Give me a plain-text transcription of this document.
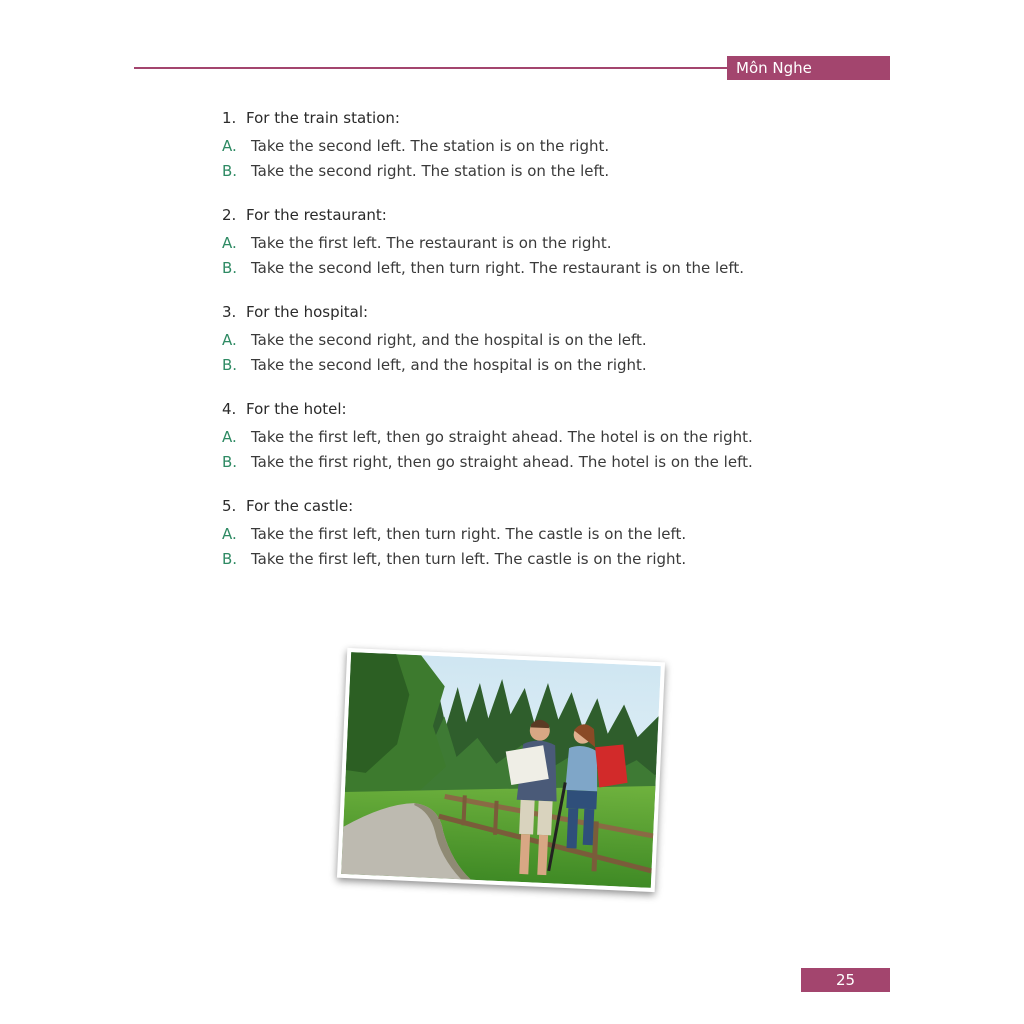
Môn Nghe
1. For the train station:
A. Take the second left. The station is on the right.
B. Take the second right. The station is on the left.
2. For the restaurant:
A. Take the first left. The restaurant is on the right.
B. Take the second left, then turn right. The restaurant is on the left.
3. For the hospital:
A. Take the second right, and the hospital is on the left.
B. Take the second left, and the hospital is on the right.
4. For the hotel:
A. Take the first left, then go straight ahead. The hotel is on the right.
B. Take the first right, then go straight ahead. The hotel is on the left.
5. For the castle:
A. Take the first left, then turn right. The castle is on the left.
B. Take the first left, then turn left. The castle is on the right.
25
